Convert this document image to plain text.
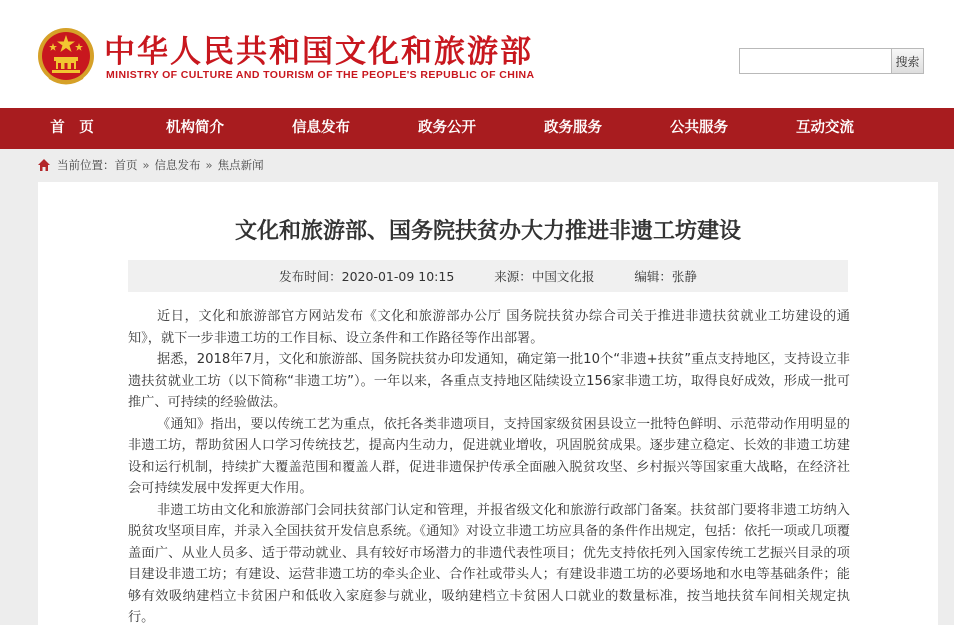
中华人民共和国文化和旅游部
MINISTRY OF CULTURE AND TOURISM OF THE PEOPLE'S REPUBLIC OF CHINA
搜索
首　页	机构简介	信息发布	政务公开	政务服务	公共服务	互动交流
当前位置： 首页 » 信息发布 » 焦点新闻
文化和旅游部、国务院扶贫办大力推进非遗工坊建设
发布时间：2020-01-09 10:15	来源：中国文化报	编辑：张静

近日，文化和旅游部官方网站发布《文化和旅游部办公厅 国务院扶贫办综合司关于推进非遗扶贫就业工坊建设的通知》，就下一步非遗工坊的工作目标、设立条件和工作路径等作出部署。

据悉，2018年7月，文化和旅游部、国务院扶贫办印发通知，确定第一批10个“非遗+扶贫”重点支持地区，支持设立非遗扶贫就业工坊（以下简称“非遗工坊”）。一年以来，各重点支持地区陆续设立156家非遗工坊，取得良好成效，形成一批可推广、可持续的经验做法。

《通知》指出，要以传统工艺为重点，依托各类非遗项目，支持国家级贫困县设立一批特色鲜明、示范带动作用明显的非遗工坊，帮助贫困人口学习传统技艺，提高内生动力，促进就业增收，巩固脱贫成果。逐步建立稳定、长效的非遗工坊建设和运行机制，持续扩大覆盖范围和覆盖人群，促进非遗保护传承全面融入脱贫攻坚、乡村振兴等国家重大战略，在经济社会可持续发展中发挥更大作用。

非遗工坊由文化和旅游部门会同扶贫部门认定和管理，并报省级文化和旅游行政部门备案。扶贫部门要将非遗工坊纳入脱贫攻坚项目库，并录入全国扶贫开发信息系统。《通知》对设立非遗工坊应具备的条件作出规定，包括：依托一项或几项覆盖面广、从业人员多、适于带动就业、具有较好市场潜力的非遗代表性项目；优先支持依托列入国家传统工艺振兴目录的项目建设非遗工坊；有建设、运营非遗工坊的牵头企业、合作社或带头人；有建设非遗工坊的必要场地和水电等基础条件；能够有效吸纳建档立卡贫困户和低收入家庭参与就业，吸纳建档立卡贫困人口就业的数量标准，按当地扶贫车间相关规定执行。
